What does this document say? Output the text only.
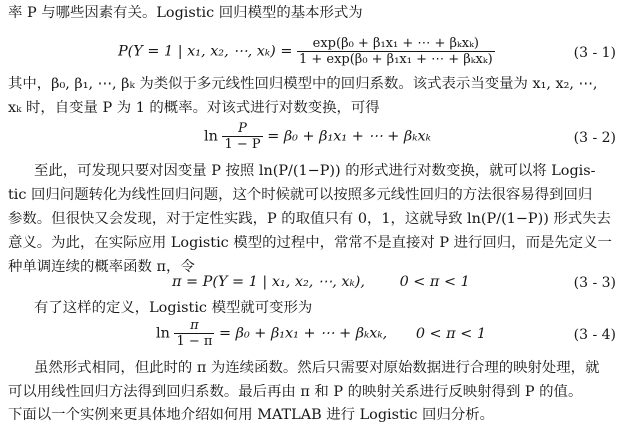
率 P 与哪些因素有关。Logistic 回归模型的基本形式为
P(Y = 1 | x₁, x₂, ⋯, $x_k) = \frac{\text{exp(β₀ + β₁x₁ + ⋯ + βₖxₖ)}}{\text{1 + exp(β₀ + β₁x₁ + ⋯ + βₖxₖ)}}$	(3 - 1)
其中，β₀, β₁, ⋯, βₖ 为类似于多元线性回归模型中的回归系数。该式表示当变量为 x₁, x₂, ⋯,
xₖ 时，自变量 P 为 1 的概率。对该式进行对数变换，可得
$\ln \frac{P}{1 - P} = \beta_0 + \beta_1x_1$ + ⋯ + βₖxₖ	(3 - 2)
至此，可发现只要对因变量 P 按照 ln(P/(1−P)) 的形式进行对数变换，就可以将 Logis-
tic 回归问题转化为线性回归问题，这个时候就可以按照多元线性回归的方法很容易得到回归
参数。但很快又会发现，对于定性实践，P 的取值只有 0，1，这就导致 ln(P/(1−P)) 形式失去
意义。为此，在实际应用 Logistic 模型的过程中，常常不是直接对 P 进行回归，而是先定义一
种单调连续的概率函数 π，令
π = P(Y = 1 | x₁, x₂, ⋯, xₖ), 0 < π < 1	(3 - 3)
有了这样的定义，Logistic 模型就可变形为
$\ln \frac{\pi}{1 - \pi} = \beta_0 + \beta_1x_1$ + ⋯ + βₖxₖ, 0 < π < 1	(3 - 4)
虽然形式相同，但此时的 π 为连续函数。然后只需要对原始数据进行合理的映射处理，就
可以用线性回归方法得到回归系数。最后再由 π 和 P 的映射关系进行反映射得到 P 的值。
下面以一个实例来更具体地介绍如何用 MATLAB 进行 Logistic 回归分析。
